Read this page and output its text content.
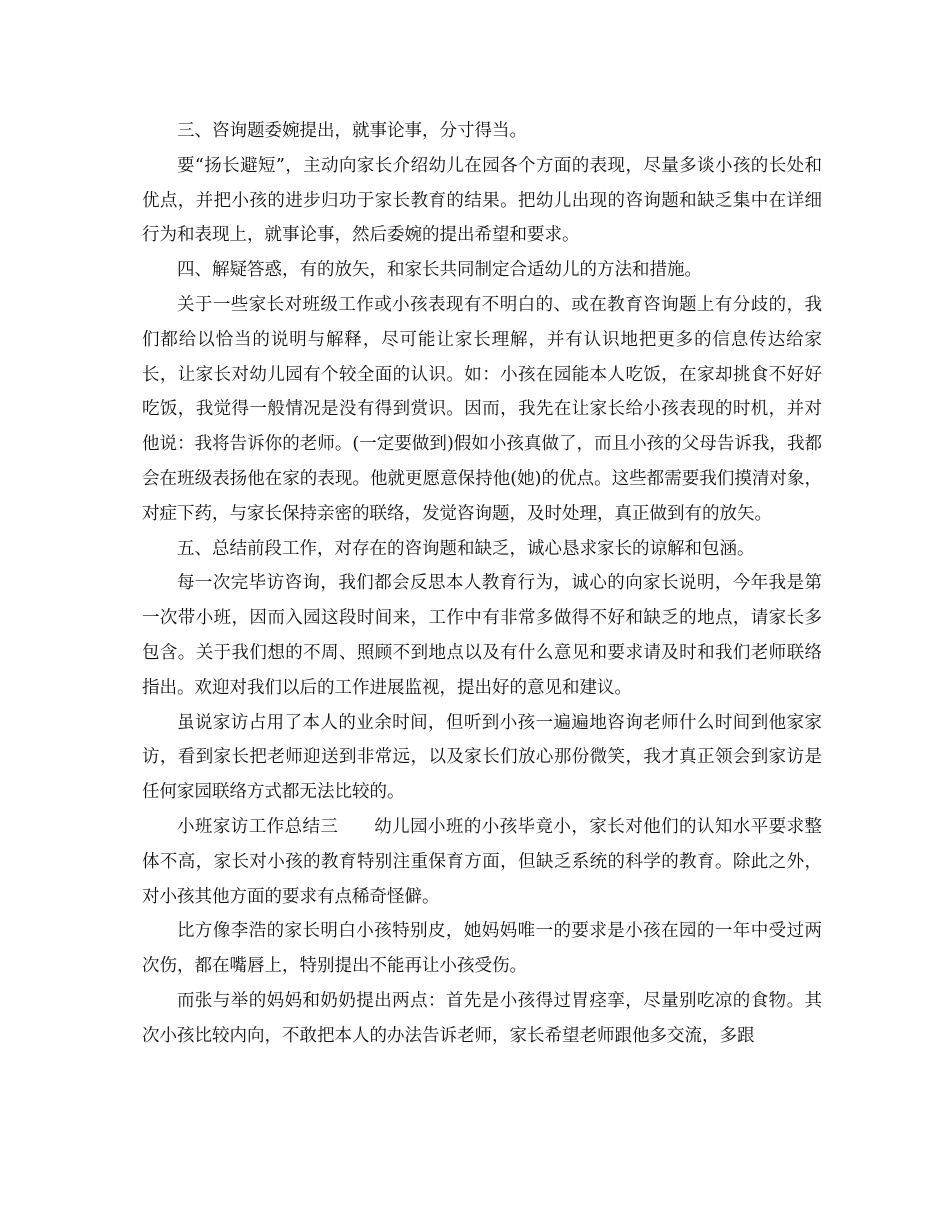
三、咨询题委婉提出，就事论事，分寸得当。

要“扬长避短”，主动向家长介绍幼儿在园各个方面的表现，尽量多谈小孩的长处和优点，并把小孩的进步归功于家长教育的结果。把幼儿出现的咨询题和缺乏集中在详细行为和表现上，就事论事，然后委婉的提出希望和要求。

四、解疑答惑，有的放矢，和家长共同制定合适幼儿的方法和措施。

关于一些家长对班级工作或小孩表现有不明白的、或在教育咨询题上有分歧的，我们都给以恰当的说明与解释，尽可能让家长理解，并有认识地把更多的信息传达给家长，让家长对幼儿园有个较全面的认识。如：小孩在园能本人吃饭，在家却挑食不好好吃饭，我觉得一般情况是没有得到赏识。因而，我先在让家长给小孩表现的时机，并对他说：我将告诉你的老师。(一定要做到)假如小孩真做了，而且小孩的父母告诉我，我都会在班级表扬他在家的表现。他就更愿意保持他(她)的优点。这些都需要我们摸清对象，对症下药，与家长保持亲密的联络，发觉咨询题，及时处理，真正做到有的放矢。

五、总结前段工作，对存在的咨询题和缺乏，诚心恳求家长的谅解和包涵。

每一次完毕访咨询，我们都会反思本人教育行为，诚心的向家长说明，今年我是第一次带小班，因而入园这段时间来，工作中有非常多做得不好和缺乏的地点，请家长多包含。关于我们想的不周、照顾不到地点以及有什么意见和要求请及时和我们老师联络指出。欢迎对我们以后的工作进展监视，提出好的意见和建议。

虽说家访占用了本人的业余时间，但听到小孩一遍遍地咨询老师什么时间到他家家访，看到家长把老师迎送到非常远，以及家长们放心那份微笑，我才真正领会到家访是任何家园联络方式都无法比较的。

小班家访工作总结三　　幼儿园小班的小孩毕竟小，家长对他们的认知水平要求整体不高，家长对小孩的教育特别注重保育方面，但缺乏系统的科学的教育。除此之外，对小孩其他方面的要求有点稀奇怪僻。

比方像李浩的家长明白小孩特别皮，她妈妈唯一的要求是小孩在园的一年中受过两次伤，都在嘴唇上，特别提出不能再让小孩受伤。

而张与举的妈妈和奶奶提出两点：首先是小孩得过胃痉挛，尽量别吃凉的食物。其次小孩比较内向，不敢把本人的办法告诉老师，家长希望老师跟他多交流，多跟
